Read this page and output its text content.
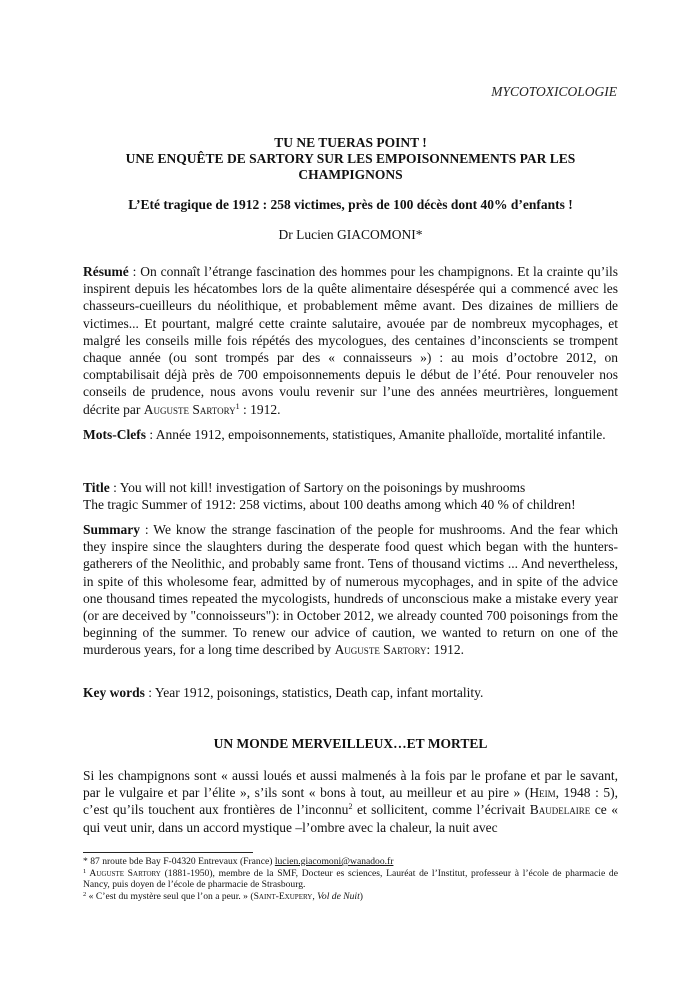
MYCOTOXICOLOGIE
TU NE TUERAS POINT !
UNE ENQUÊTE DE SARTORY SUR LES EMPOISONNEMENTS PAR LES
CHAMPIGNONS
L’Eté tragique de 1912 : 258 victimes, près de 100 décès dont 40% d’enfants !
Dr Lucien GIACOMONI*

Résumé : On connaît l’étrange fascination des hommes pour les champignons. Et la crainte qu’ils inspirent depuis les hécatombes lors de la quête alimentaire désespérée qui a commencé avec les chasseurs-cueilleurs du néolithique, et probablement même avant. Des dizaines de milliers de victimes... Et pourtant, malgré cette crainte salutaire, avouée par de nombreux mycophages, et malgré les conseils mille fois répétés des mycologues, des centaines d’inconscients se trompent chaque année (ou sont trompés par des « connaisseurs ») : au mois d’octobre 2012, on comptabilisait déjà près de 700 empoisonnements depuis le début de l’été. Pour renouveler nos conseils de prudence, nous avons voulu revenir sur l’une des années meurtrières, longuement décrite par Auguste Sartory$^1$ : 1912.

Mots-Clefs : Année 1912, empoisonnements, statistiques, Amanite phalloïde, mortalité infantile.

Title : You will not kill! investigation of Sartory on the poisonings by mushrooms
The tragic Summer of 1912: 258 victims, about 100 deaths among which 40 % of children!

Summary : We know the strange fascination of the people for mushrooms. And the fear which they inspire since the slaughters during the desperate food quest which began with the hunters-gatherers of the Neolithic, and probably same front. Tens of thousand victims ... And nevertheless, in spite of this wholesome fear, admitted by of numerous mycophages, and in spite of the advice one thousand times repeated the mycologists, hundreds of unconscious make a mistake every year (or are deceived by "connoisseurs"): in October 2012, we already counted 700 poisonings from the beginning of the summer. To renew our advice of caution, we wanted to return on one of the murderous years, for a long time described by Auguste Sartory: 1912.

Key words : Year 1912, poisonings, statistics, Death cap, infant mortality.

UN MONDE MERVEILLEUX…ET MORTEL

Si les champignons sont « aussi loués et aussi malmenés à la fois par le profane et par le savant, par le vulgaire et par l’élite », s’ils sont « bons à tout, au meilleur et au pire » (Heim, 1948 : 5), c’est qu’ils touchent aux frontières de l’inconnu$^2$ et sollicitent, comme l’écrivait Baudelaire ce « qui veut unir, dans un accord mystique –l’ombre avec la chaleur, la nuit avec

* 87 nroute bde Bay F-04320 Entrevaux (France) lucien.giacomoni@wanadoo.fr

$^1$ Auguste Sartory (1881-1950), membre de la SMF, Docteur es sciences, Lauréat de l’Institut, professeur à l’école de pharmacie de Nancy, puis doyen de l’école de pharmacie de Strasbourg.

$^2$ « C’est du mystère seul que l’on a peur. » (Saint-Exupery, Vol de Nuit)
